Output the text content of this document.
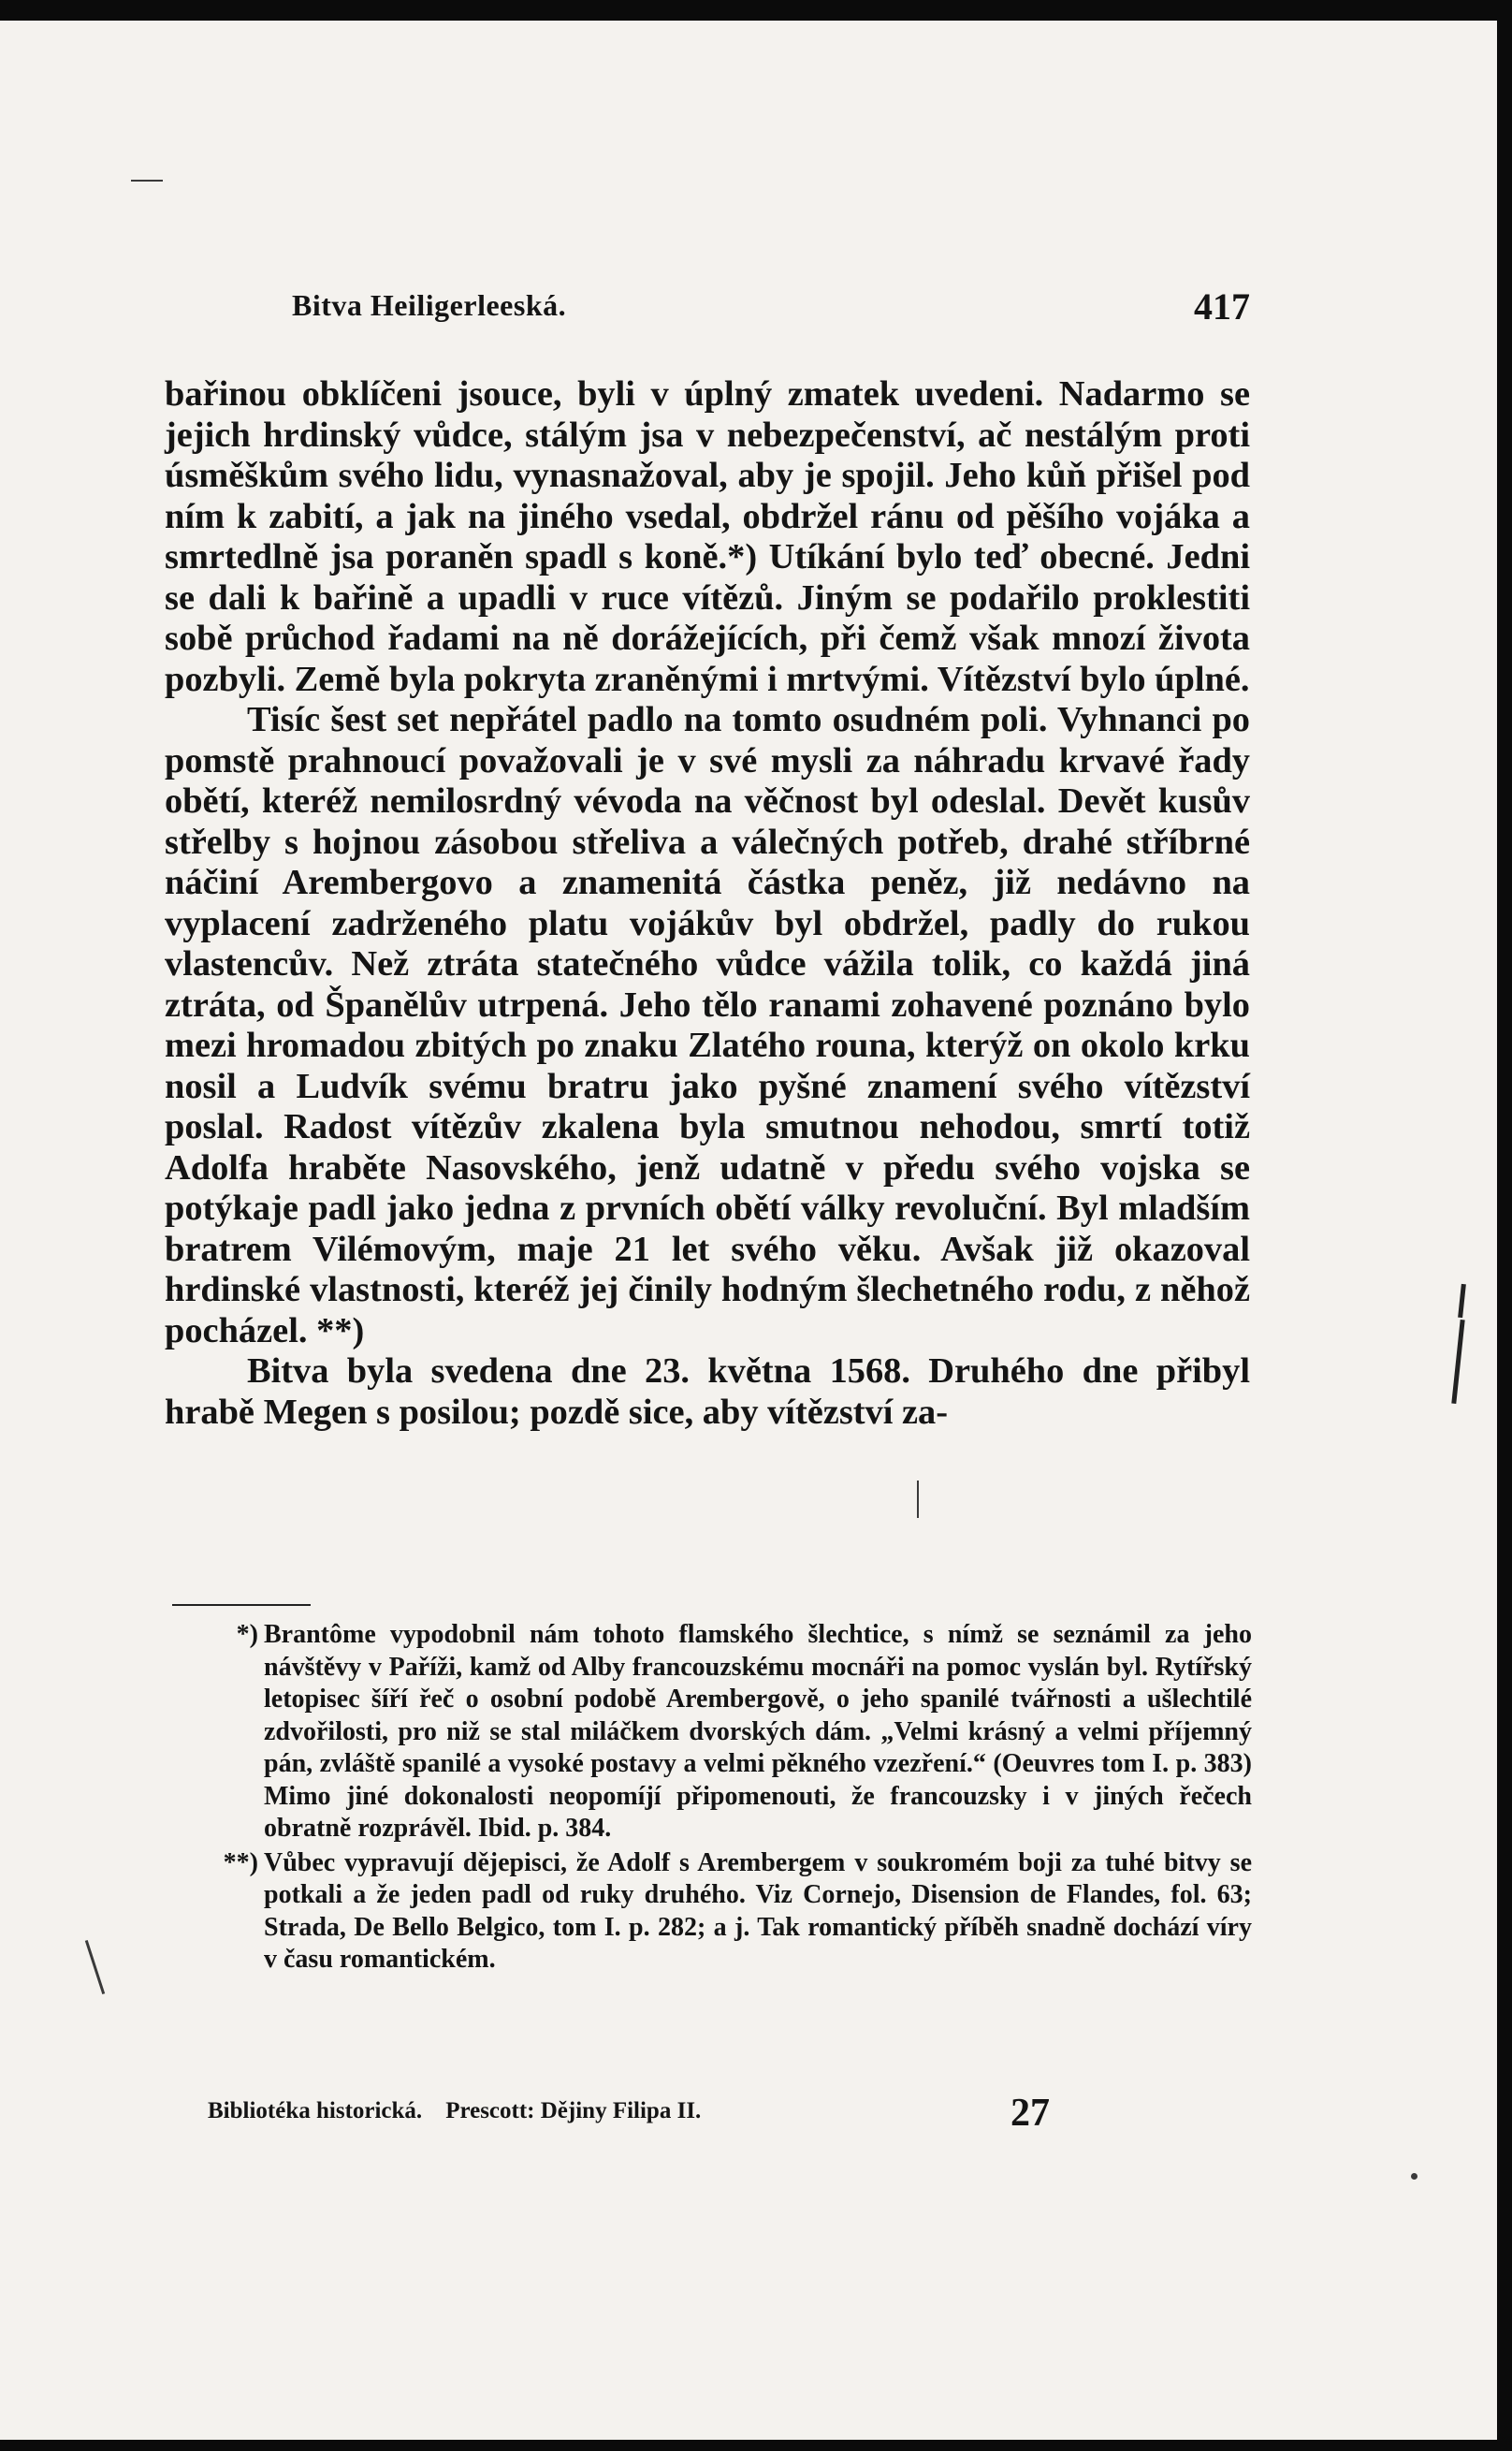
Bitva Heiligerleeská.	417

bařinou obklíčeni jsouce, byli v úplný zmatek uvedeni. Nadarmo se jejich hrdinský vůdce, stálým jsa v nebezpečenství, ač nestálým proti úsměškům svého lidu, vynasnažoval, aby je spojil. Jeho kůň přišel pod ním k zabití, a jak na jiného vsedal, obdržel ránu od pěšího vojáka a smrtedlně jsa poraněn spadl s koně.*) Utíkání bylo teď obecné. Jedni se dali k bařině a upadli v ruce vítězů. Jiným se podařilo proklestiti sobě průchod řadami na ně dorážejících, při čemž však mnozí života pozbyli. Země byla pokryta zraněnými i mrtvými. Vítězství bylo úplné.

Tisíc šest set nepřátel padlo na tomto osudném poli. Vyhnanci po pomstě prahnoucí považovali je v své mysli za náhradu krvavé řady obětí, kteréž nemilosrdný vévoda na věčnost byl odeslal. Devět kusův střelby s hojnou zásobou střeliva a válečných potřeb, drahé stříbrné náčiní Arembergovo a znamenitá částka peněz, již nedávno na vyplacení zadrženého platu vojákův byl obdržel, padly do rukou vlastencův. Než ztráta statečného vůdce vážila tolik, co každá jiná ztráta, od Španělův utrpená. Jeho tělo ranami zohavené poznáno bylo mezi hromadou zbitých po znaku Zlatého rouna, kterýž on okolo krku nosil a Ludvík svému bratru jako pyšné znamení svého vítězství poslal. Radost vítězův zkalena byla smutnou nehodou, smrtí totiž Adolfa hraběte Nasovského, jenž udatně v předu svého vojska se potýkaje padl jako jedna z prvních obětí války revoluční. Byl mladším bratrem Vilémovým, maje 21 let svého věku. Avšak již okazoval hrdinské vlastnosti, kteréž jej činily hodným šlechetného rodu, z něhož pocházel. **)

Bitva byla svedena dne 23. května 1568. Druhého dne přibyl hrabě Megen s posilou; pozdě sice, aby vítězství za-

*) Brantôme vypodobnil nám tohoto flamského šlechtice, s nímž se seznámil za jeho návštěvy v Paříži, kamž od Alby francouzskému mocnáři na pomoc vyslán byl. Rytířský letopisec šíří řeč o osobní podobě Arembergově, o jeho spanilé tvářnosti a ušlechtilé zdvořilosti, pro niž se stal miláčkem dvorských dám. „Velmi krásný a velmi příjemný pán, zvláště spanilé a vysoké postavy a velmi pěkného vzezření.“ (Oeuvres tom I. p. 383) Mimo jiné dokonalosti neopomíjí připomenouti, že francouzsky i v jiných řečech obratně rozprávěl. Ibid. p. 384.
**) Vůbec vypravují dějepisci, že Adolf s Arembergem v soukromém boji za tuhé bitvy se potkali a že jeden padl od ruky druhého. Viz Cornejo, Disension de Flandes, fol. 63; Strada, De Bello Belgico, tom I. p. 282; a j. Tak romantický příběh snadně dochází víry v času romantickém.
Bibliotéka historická. Prescott: Dějiny Filipa II.	27
